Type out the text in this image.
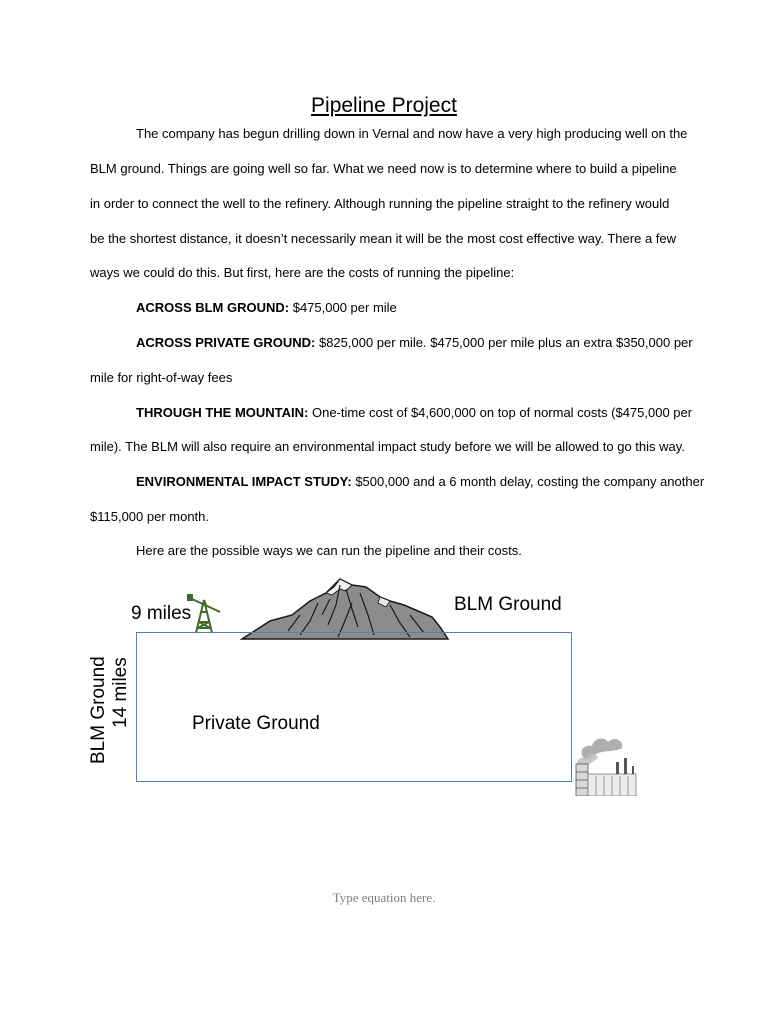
Pipeline Project
The company has begun drilling down in Vernal and now have a very high producing well on the
BLM ground. Things are going well so far. What we need now is to determine where to build a pipeline
in order to connect the well to the refinery. Although running the pipeline straight to the refinery would
be the shortest distance, it doesn’t necessarily mean it will be the most cost effective way. There a few
ways we could do this. But first, here are the costs of running the pipeline:
ACROSS BLM GROUND: $475,000 per mile
ACROSS PRIVATE GROUND: $825,000 per mile. $475,000 per mile plus an extra $350,000 per
mile for right-of-way fees
THROUGH THE MOUNTAIN: One-time cost of $4,600,000 on top of normal costs ($475,000 per
mile). The BLM will also require an environmental impact study before we will be allowed to go this way.
ENVIRONMENTAL IMPACT STUDY: $500,000 and a 6 month delay, costing the company another
$115,000 per month.
Here are the possible ways we can run the pipeline and their costs.
9 miles	BLM Ground
Private Ground
BLM Ground 14 miles
Type equation here.
